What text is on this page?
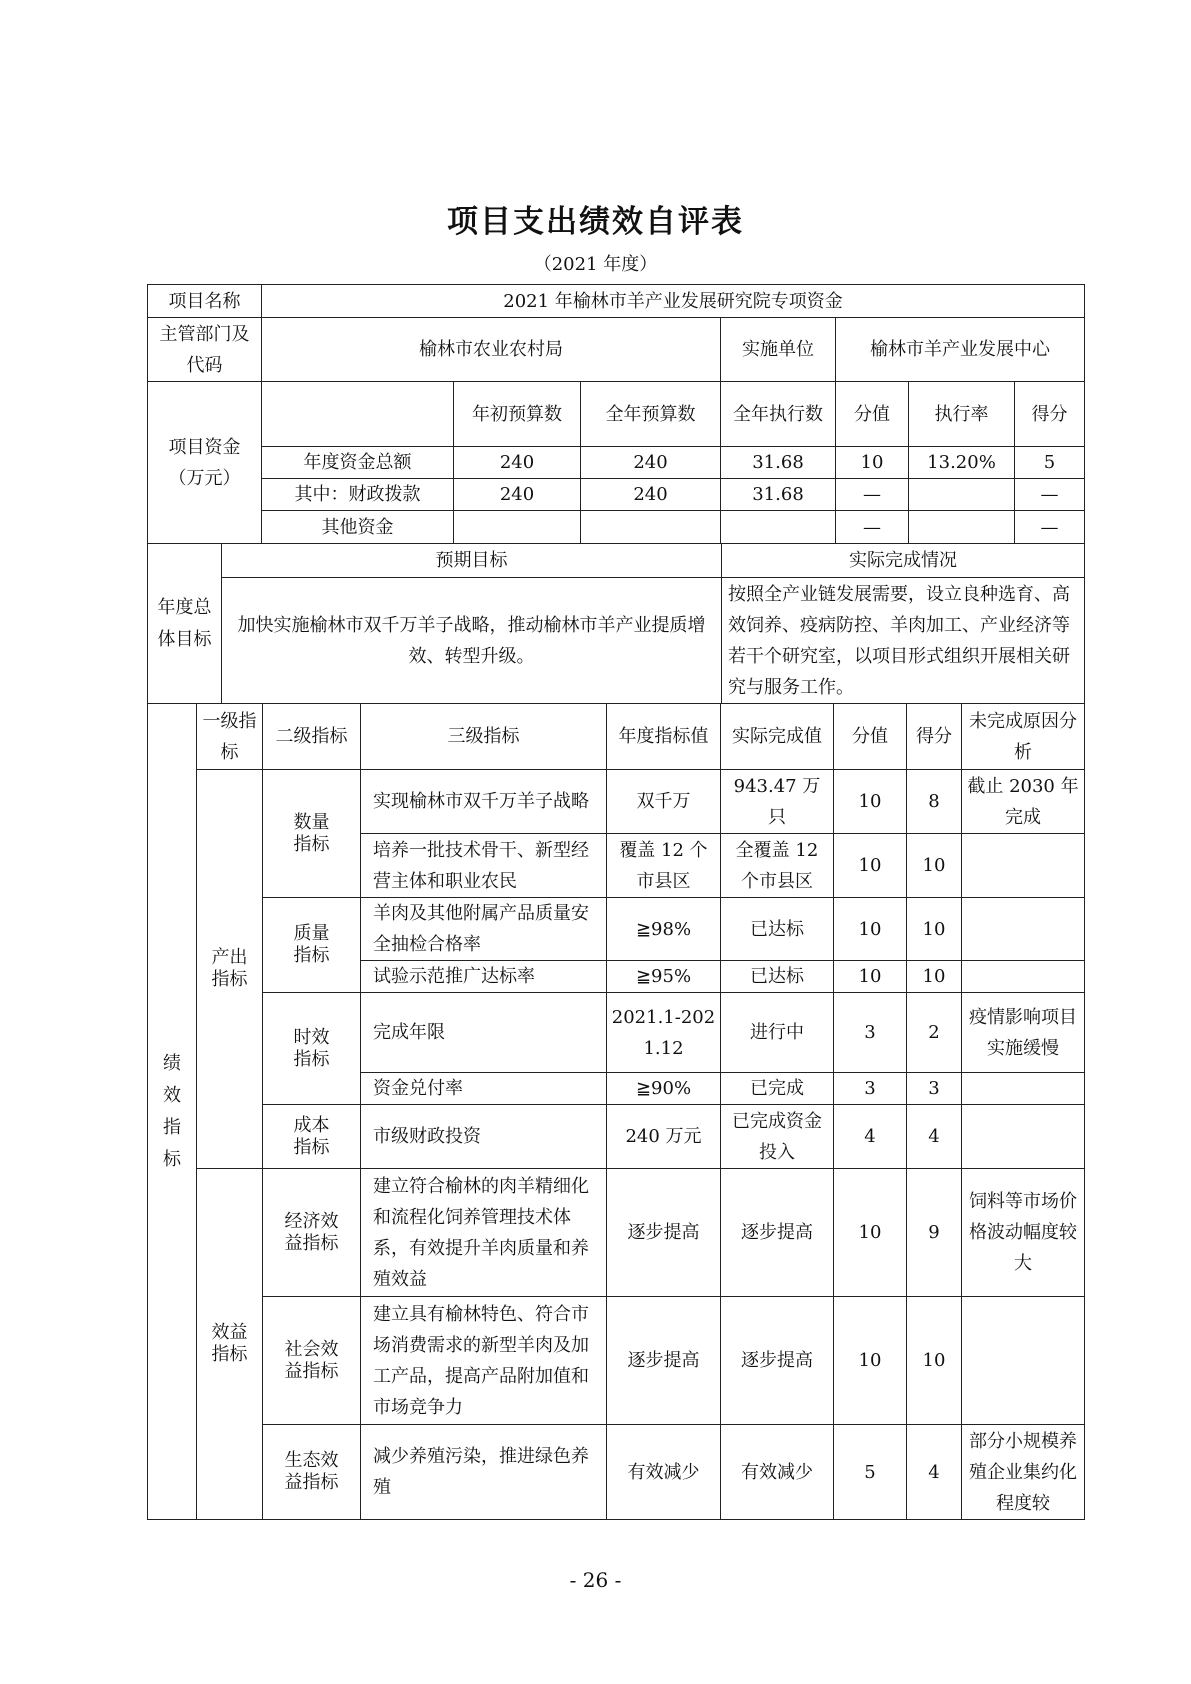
项目支出绩效自评表
（2021 年度）
项目名称	2021 年榆林市羊产业发展研究院专项资金						
主管部门及代码	榆林市农业农村局			实施单位	榆林市羊产业发展中心		
项目资金（万元）		年初预算数	全年预算数	全年执行数	分值	执行率	得分
	年度资金总额	240	240	31.68	10	13.20%	5
	其中：财政拨款	240	240	31.68	—		—
	其他资金				—		—
年度总体目标	预期目标	实际完成情况
	加快实施榆林市双千万羊子战略，推动榆林市羊产业提质增效、转型升级。	按照全产业链发展需要，设立良种选育、高效饲养、疫病防控、羊肉加工、产业经济等若干个研究室，以项目形式组织开展相关研究与服务工作。
绩效指标	一级指标	二级指标	三级指标	年度指标值	实际完成值	分值	得分	未完成原因分析
	产出指标	数量指标	实现榆林市双千万羊子战略	双千万	943.47 万只	10	8	截止 2030 年完成
			培养一批技术骨干、新型经营主体和职业农民	覆盖 12 个市县区	全覆盖 12 个市县区	10	10	
		质量指标	羊肉及其他附属产品质量安全抽检合格率	≧98%	已达标	10	10	
			试验示范推广达标率	≧95%	已达标	10	10	
		时效指标	完成年限	2021.1-2021.12	进行中	3	2	疫情影响项目实施缓慢
			资金兑付率	≧90%	已完成	3	3	
		成本指标	市级财政投资	240 万元	已完成资金投入	4	4	
	效益指标	经济效益指标	建立符合榆林的肉羊精细化和流程化饲养管理技术体系，有效提升羊肉质量和养殖效益	逐步提高	逐步提高	10	9	饲料等市场价格波动幅度较大
		社会效益指标	建立具有榆林特色、符合市场消费需求的新型羊肉及加工产品，提高产品附加值和市场竞争力	逐步提高	逐步提高	10	10	
		生态效益指标	减少养殖污染，推进绿色养殖	有效减少	有效减少	5	4	部分小规模养殖企业集约化程度较
- 26 -
